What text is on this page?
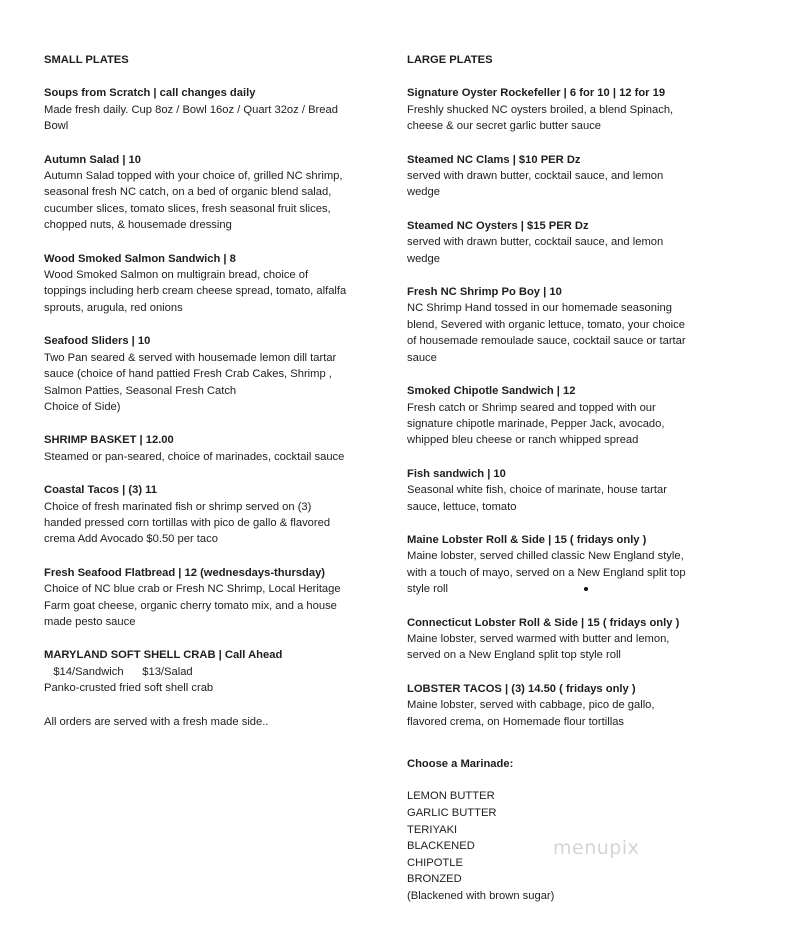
SMALL PLATES
Soups from Scratch | call changes daily
Made fresh daily. Cup 8oz / Bowl 16oz / Quart 32oz / Bread
Bowl
Autumn Salad | 10
Autumn Salad topped with your choice of, grilled NC shrimp,
seasonal fresh NC catch, on a bed of organic blend salad,
cucumber slices, tomato slices, fresh seasonal fruit slices,
chopped nuts, & housemade dressing
Wood Smoked Salmon Sandwich | 8
Wood Smoked Salmon on multigrain bread, choice of
toppings including herb cream cheese spread, tomato, alfalfa
sprouts, arugula, red onions
Seafood Sliders | 10
Two Pan seared & served with housemade lemon dill tartar
sauce (choice of hand pattied Fresh Crab Cakes, Shrimp ,
Salmon Patties, Seasonal Fresh Catch
Choice of Side)
SHRIMP BASKET | 12.00
Steamed or pan-seared, choice of marinades, cocktail sauce
Coastal Tacos | (3) 11
Choice of fresh marinated fish or shrimp served on (3)
handed pressed corn tortillas with pico de gallo & flavored
crema Add Avocado $0.50 per taco
Fresh Seafood Flatbread | 12 (wednesdays-thursday)
Choice of NC blue crab or Fresh NC Shrimp, Local Heritage
Farm goat cheese, organic cherry tomato mix, and a house
made pesto sauce
MARYLAND SOFT SHELL CRAB | Call Ahead
$14/Sandwich      $13/Salad
Panko-crusted fried soft shell crab
All orders are served with a fresh made side..
LARGE PLATES
Signature Oyster Rockefeller | 6 for 10 | 12 for 19
Freshly shucked NC oysters broiled, a blend Spinach,
cheese & our secret garlic butter sauce
Steamed NC Clams | $10 PER Dz
served with drawn butter, cocktail sauce, and lemon
wedge
Steamed NC Oysters | $15 PER Dz
served with drawn butter, cocktail sauce, and lemon
wedge
Fresh NC Shrimp Po Boy | 10
NC Shrimp Hand tossed in our homemade seasoning
blend, Severed with organic lettuce, tomato, your choice
of housemade remoulade sauce, cocktail sauce or tartar
sauce
Smoked Chipotle Sandwich | 12
Fresh catch or Shrimp seared and topped with our
signature chipotle marinade, Pepper Jack, avocado,
whipped bleu cheese or ranch whipped spread
Fish sandwich | 10
Seasonal white fish, choice of marinate, house tartar
sauce, lettuce, tomato
Maine Lobster Roll & Side | 15 ( fridays only )
Maine lobster, served chilled classic New England style,
with a touch of mayo, served on a New England split top
style roll
Connecticut Lobster Roll & Side | 15 ( fridays only )
Maine lobster, served warmed with butter and lemon,
served on a New England split top style roll
LOBSTER TACOS | (3) 14.50 ( fridays only )
Maine lobster, served with cabbage, pico de gallo,
flavored crema, on Homemade flour tortillas
Choose a Marinade:
LEMON BUTTER
GARLIC BUTTER
TERIYAKI
BLACKENED
CHIPOTLE
BRONZED
(Blackened with brown sugar)
menupix
